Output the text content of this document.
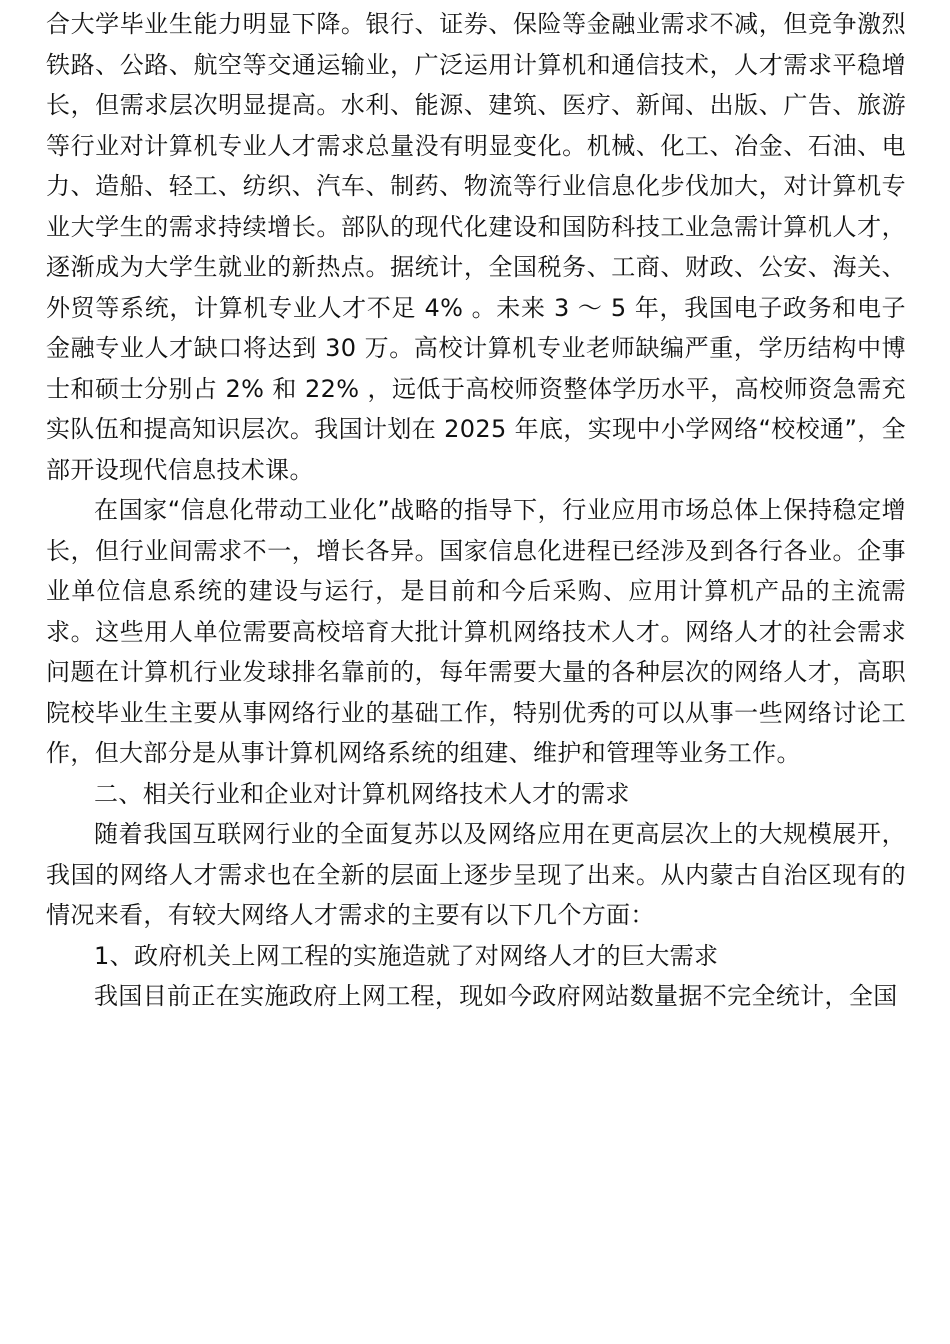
合大学毕业生能力明显下降。银行、证券、保险等金融业需求不减，但竞争激烈铁路、公路、航空等交通运输业，广泛运用计算机和通信技术，人才需求平稳增长，但需求层次明显提高。水利、能源、建筑、医疗、新闻、出版、广告、旅游等行业对计算机专业人才需求总量没有明显变化。机械、化工、冶金、石油、电力、造船、轻工、纺织、汽车、制药、物流等行业信息化步伐加大，对计算机专业大学生的需求持续增长。部队的现代化建设和国防科技工业急需计算机人才，逐渐成为大学生就业的新热点。据统计，全国税务、工商、财政、公安、海关、外贸等系统，计算机专业人才不足 4% 。未来 3 ～ 5 年，我国电子政务和电子金融专业人才缺口将达到 30 万。高校计算机专业老师缺编严重，学历结构中博士和硕士分别占 2% 和 22% ，远低于高校师资整体学历水平，高校师资急需充实队伍和提高知识层次。我国计划在 2025 年底，实现中小学网络“校校通”，全部开设现代信息技术课。

在国家“信息化带动工业化”战略的指导下，行业应用市场总体上保持稳定增长，但行业间需求不一，增长各异。国家信息化进程已经涉及到各行各业。企事业单位信息系统的建设与运行，是目前和今后采购、应用计算机产品的主流需求。这些用人单位需要高校培育大批计算机网络技术人才。网络人才的社会需求问题在计算机行业发球排名靠前的，每年需要大量的各种层次的网络人才，高职院校毕业生主要从事网络行业的基础工作，特别优秀的可以从事一些网络讨论工作，但大部分是从事计算机网络系统的组建、维护和管理等业务工作。

二、相关行业和企业对计算机网络技术人才的需求

随着我国互联网行业的全面复苏以及网络应用在更高层次上的大规模展开，我国的网络人才需求也在全新的层面上逐步呈现了出来。从内蒙古自治区现有的情况来看，有较大网络人才需求的主要有以下几个方面：

1、政府机关上网工程的实施造就了对网络人才的巨大需求

我国目前正在实施政府上网工程，现如今政府网站数量据不完全统计，全国
